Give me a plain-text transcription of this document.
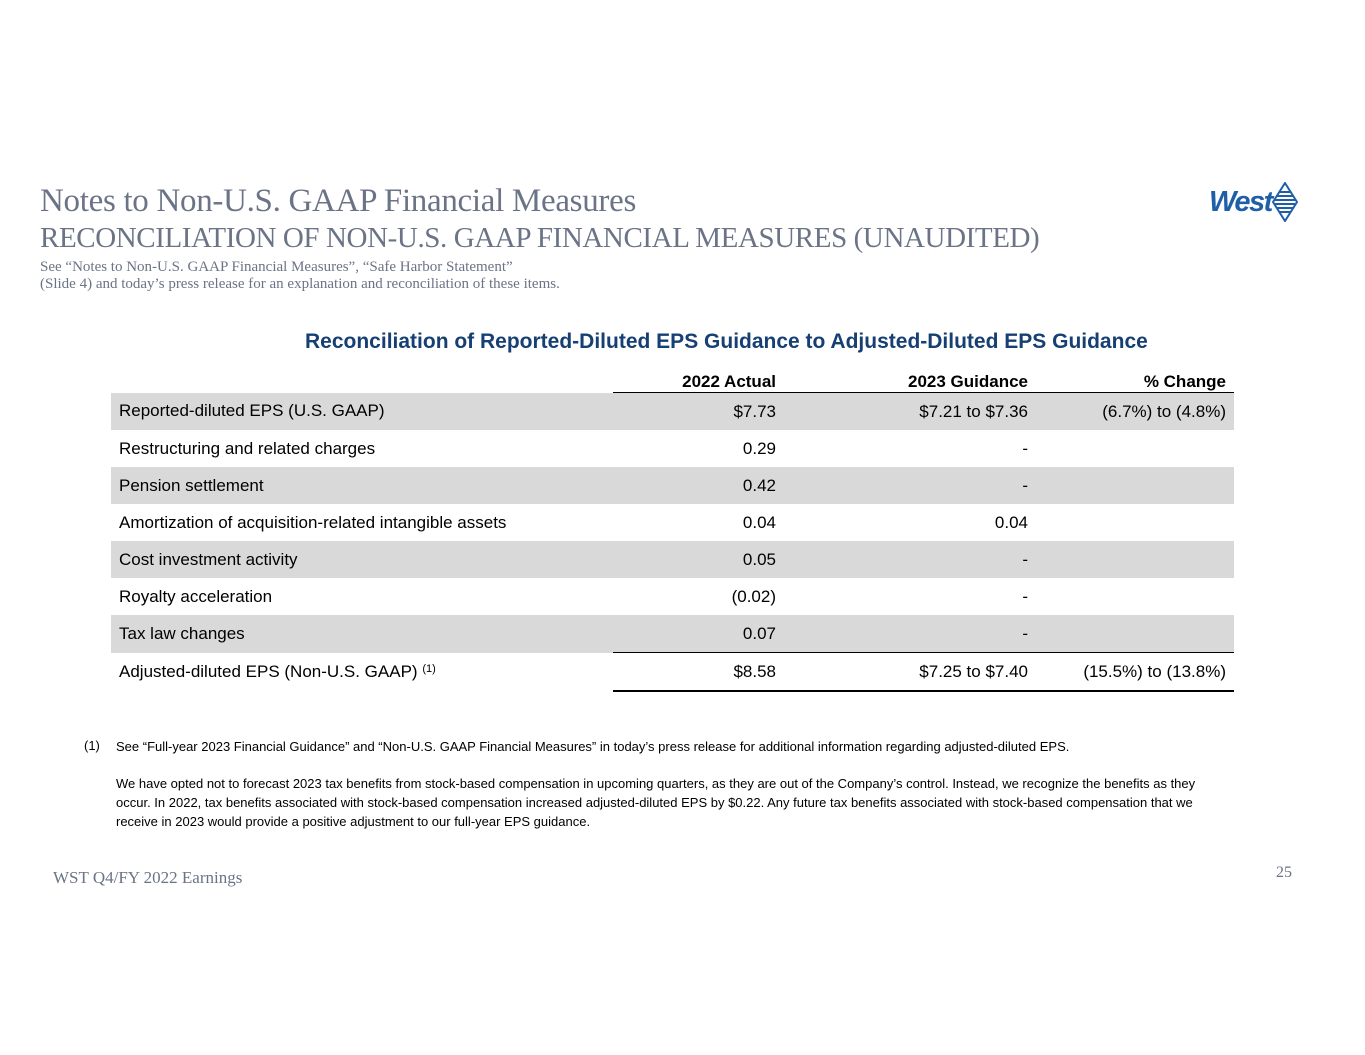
Notes to Non-U.S. GAAP Financial Measures
RECONCILIATION OF NON-U.S. GAAP FINANCIAL MEASURES (UNAUDITED)
See “Notes to Non-U.S. GAAP Financial Measures”, “Safe Harbor Statement”
(Slide 4) and today’s press release for an explanation and reconciliation of these items.
West
Reconciliation of Reported-Diluted EPS Guidance to Adjusted-Diluted EPS Guidance
	2022 Actual	2023 Guidance	% Change
Reported-diluted EPS (U.S. GAAP)	$7.73	$7.21 to $7.36	(6.7%) to (4.8%)
Restructuring and related charges	0.29	-	
Pension settlement	0.42	-	
Amortization of acquisition-related intangible assets	0.04	0.04	
Cost investment activity	0.05	-	
Royalty acceleration	(0.02)	-	
Tax law changes	0.07	-	
Adjusted-diluted EPS (Non-U.S. GAAP) $^{(1)}$	$8.58	$7.25 to $7.40	(15.5%) to (13.8%)
(1) See “Full-year 2023 Financial Guidance” and “Non-U.S. GAAP Financial Measures” in today’s press release for additional information regarding adjusted-diluted EPS.
We have opted not to forecast 2023 tax benefits from stock-based compensation in upcoming quarters, as they are out of the Company’s control. Instead, we recognize the benefits as they occur. In 2022, tax benefits associated with stock-based compensation increased adjusted-diluted EPS by $0.22. Any future tax benefits associated with stock-based compensation that we receive in 2023 would provide a positive adjustment to our full-year EPS guidance.
WST Q4/FY 2022 Earnings	25
